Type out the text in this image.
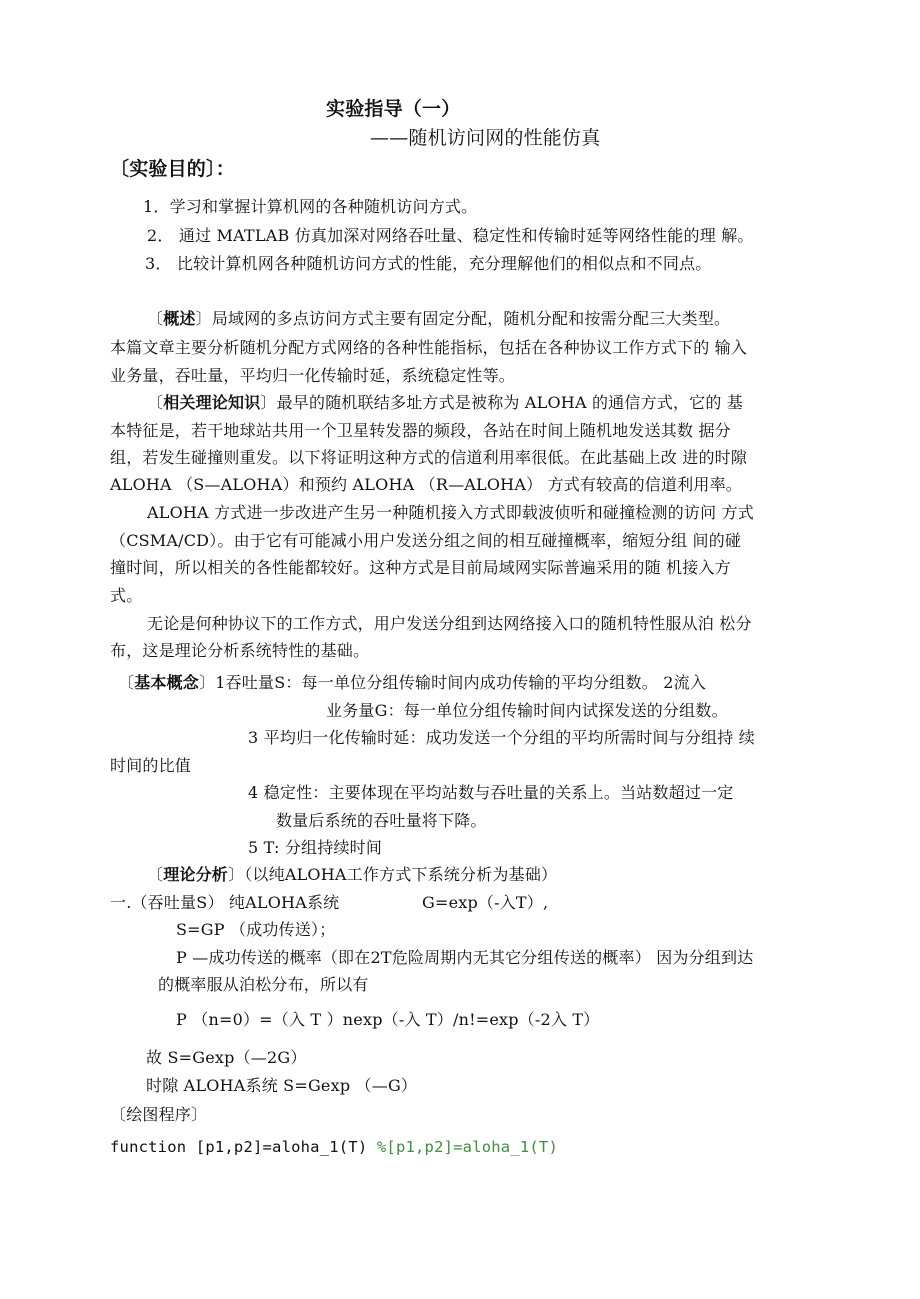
实验指导（一）
——随机访问网的性能仿真
〔实验目的〕：
1．学习和掌握计算机网的各种随机访问方式。
2． 通过 MATLAB 仿真加深对网络吞吐量、稳定性和传输时延等网络性能的理 解。
3． 比较计算机网各种随机访问方式的性能，充分理解他们的相似点和不同点。
〔概述〕局域网的多点访问方式主要有固定分配，随机分配和按需分配三大类型。
本篇文章主要分析随机分配方式网络的各种性能指标，包括在各种协议工作方式下的 输入
业务量，吞吐量，平均归一化传输时延，系统稳定性等。
〔相关理论知识〕最早的随机联结多址方式是被称为 ALOHA 的通信方式，它的 基
本特征是，若干地球站共用一个卫星转发器的频段，各站在时间上随机地发送其数 据分
组，若发生碰撞则重发。以下将证明这种方式的信道利用率很低。在此基础上改 进的时隙
ALOHA （S—ALOHA）和预约 ALOHA （R—ALOHA） 方式有较高的信道利用率。
ALOHA 方式进一步改进产生另一种随机接入方式即载波侦听和碰撞检测的访问 方式
（CSMA/CD）。由于它有可能减小用户发送分组之间的相互碰撞概率，缩短分组 间的碰
撞时间，所以相关的各性能都较好。这种方式是目前局域网实际普遍采用的随 机接入方
式。
无论是何种协议下的工作方式，用户发送分组到达网络接入口的随机特性服从泊 松分
布，这是理论分析系统特性的基础。
〔基本概念〕1吞吐量S：每一单位分组传输时间内成功传输的平均分组数。 2流入
业务量G：每一单位分组传输时间内试探发送的分组数。
3 平均归一化传输时延：成功发送一个分组的平均所需时间与分组持 续
时间的比值
4 稳定性：主要体现在平均站数与吞吐量的关系上。当站数超过一定
数量后系统的吞吐量将下降。
5 T: 分组持续时间
〔理论分析〕（以纯ALOHA工作方式下系统分析为基础）
一.（吞吐量S） 纯ALOHA系统	G=exp（-入T）,
S=GP （成功传送）；
P —成功传送的概率（即在2T危险周期内无其它分组传送的概率） 因为分组到达
的概率服从泊松分布，所以有
P （n=0）=（入 T ）nexp（-入 T）/n!=exp（-2入 T）
故 S=Gexp（—2G）
时隙 ALOHA系统 S=Gexp （—G）
〔绘图程序〕
function [p1,p2]=aloha_1(T) %[p1,p2]=aloha_1(T)
